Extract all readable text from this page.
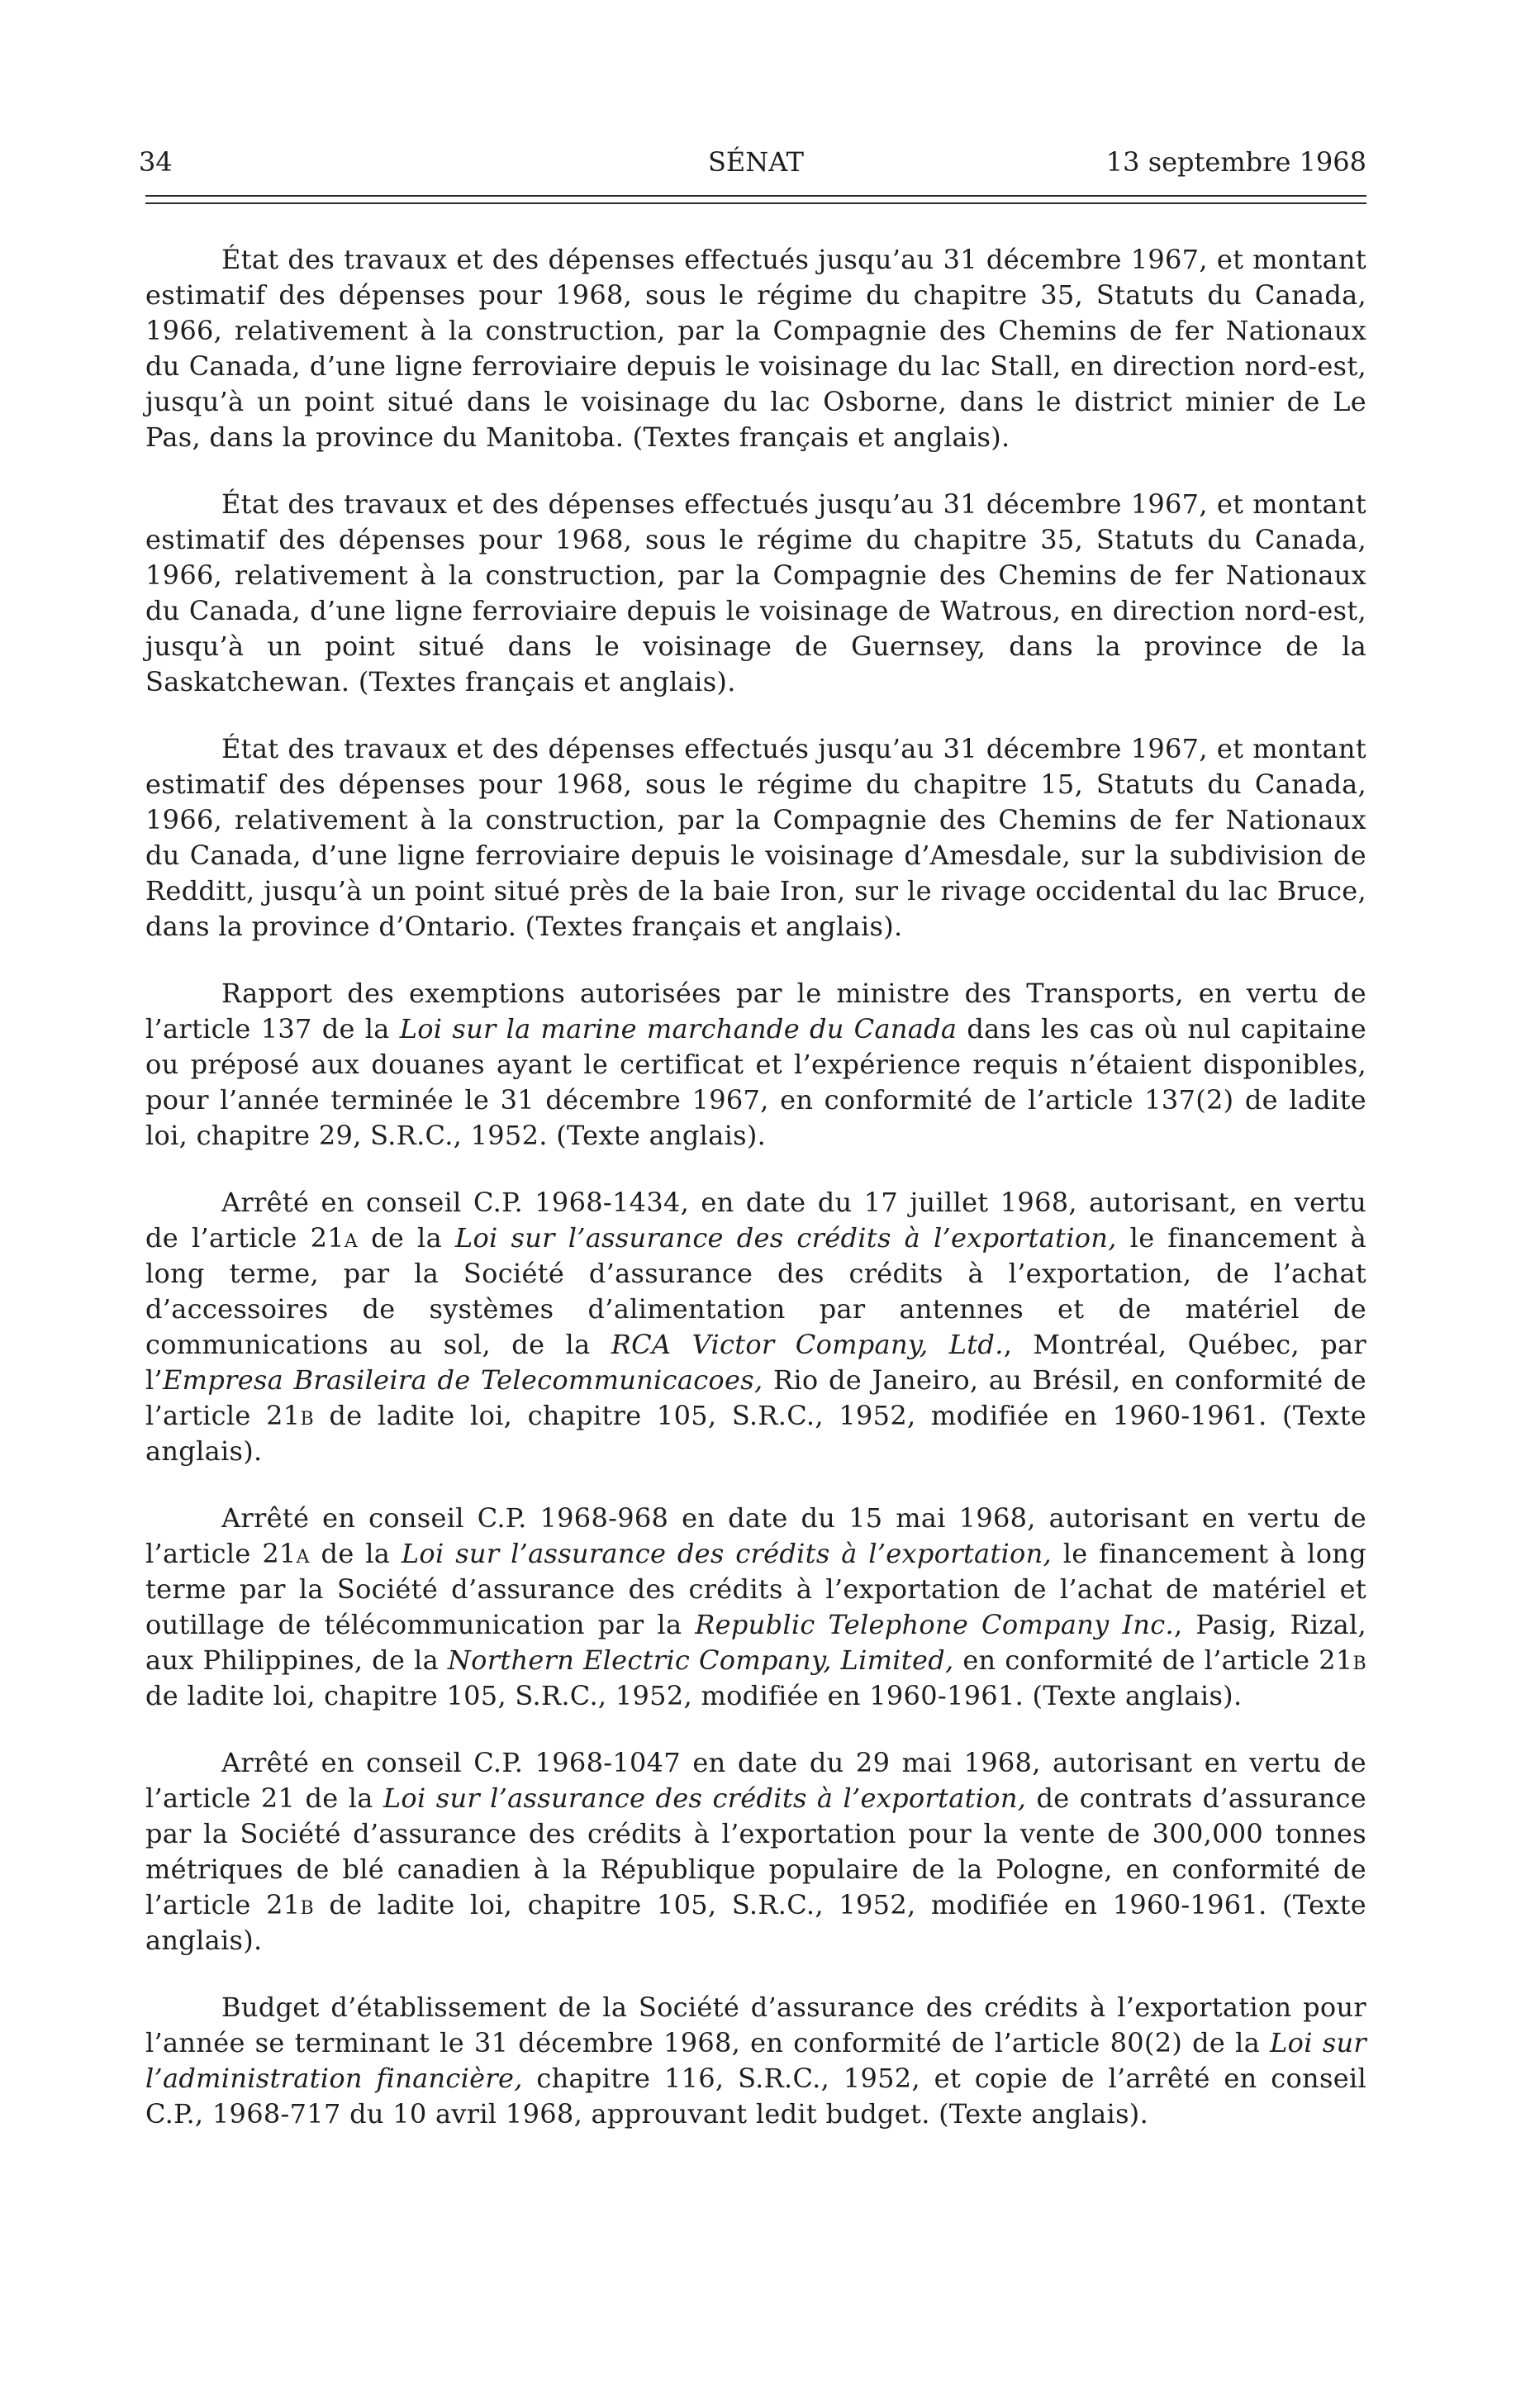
34	SÉNAT	13 septembre 1968

État des travaux et des dépenses effectués jusqu’au 31 décembre 1967, et montant estimatif des dépenses pour 1968, sous le régime du chapitre 35, Statuts du Canada, 1966, relativement à la construction, par la Compagnie des Chemins de fer Nationaux du Canada, d’une ligne ferroviaire depuis le voisinage du lac Stall, en direction nord-est, jusqu’à un point situé dans le voisinage du lac Osborne, dans le district minier de Le Pas, dans la province du Manitoba. (Textes français et anglais).

État des travaux et des dépenses effectués jusqu’au 31 décembre 1967, et montant estimatif des dépenses pour 1968, sous le régime du chapitre 35, Statuts du Canada, 1966, relativement à la construction, par la Compagnie des Chemins de fer Nationaux du Canada, d’une ligne ferroviaire depuis le voisinage de Watrous, en direction nord-est, jusqu’à un point situé dans le voisinage de Guernsey, dans la province de la Saskatchewan. (Textes français et anglais).

État des travaux et des dépenses effectués jusqu’au 31 décembre 1967, et montant estimatif des dépenses pour 1968, sous le régime du chapitre 15, Statuts du Canada, 1966, relativement à la construction, par la Compagnie des Chemins de fer Nationaux du Canada, d’une ligne ferroviaire depuis le voisinage d’Amesdale, sur la subdivision de Redditt, jusqu’à un point situé près de la baie Iron, sur le rivage occidental du lac Bruce, dans la province d’Ontario. (Textes français et anglais).

Rapport des exemptions autorisées par le ministre des Transports, en vertu de l’article 137 de la Loi sur la marine marchande du Canada dans les cas où nul capitaine ou préposé aux douanes ayant le certificat et l’expérience requis n’étaient disponibles, pour l’année terminée le 31 décembre 1967, en conformité de l’article 137(2) de ladite loi, chapitre 29, S.R.C., 1952. (Texte anglais).

Arrêté en conseil C.P. 1968-1434, en date du 17 juillet 1968, autorisant, en vertu de l’article 21a de la Loi sur l’assurance des crédits à l’exportation, le financement à long terme, par la Société d’assurance des crédits à l’exportation, de l’achat d’accessoires de systèmes d’alimentation par antennes et de matériel de communications au sol, de la RCA Victor Company, Ltd., Montréal, Québec, par l’Empresa Brasileira de Telecommunicacoes, Rio de Janeiro, au Brésil, en conformité de l’article 21b de ladite loi, chapitre 105, S.R.C., 1952, modifiée en 1960-1961. (Texte anglais).

Arrêté en conseil C.P. 1968-968 en date du 15 mai 1968, autorisant en vertu de l’article 21a de la Loi sur l’assurance des crédits à l’exportation, le financement à long terme par la Société d’assurance des crédits à l’exportation de l’achat de matériel et outillage de télécommunication par la Republic Telephone Company Inc., Pasig, Rizal, aux Philippines, de la Northern Electric Company, Limited, en conformité de l’article 21b de ladite loi, chapitre 105, S.R.C., 1952, modifiée en 1960-1961. (Texte anglais).

Arrêté en conseil C.P. 1968-1047 en date du 29 mai 1968, autorisant en vertu de l’article 21 de la Loi sur l’assurance des crédits à l’exportation, de contrats d’assurance par la Société d’assurance des crédits à l’exportation pour la vente de 300,000 tonnes métriques de blé canadien à la République populaire de la Pologne, en conformité de l’article 21b de ladite loi, chapitre 105, S.R.C., 1952, modifiée en 1960-1961. (Texte anglais).

Budget d’établissement de la Société d’assurance des crédits à l’exportation pour l’année se terminant le 31 décembre 1968, en conformité de l’article 80(2) de la Loi sur l’administration financière, chapitre 116, S.R.C., 1952, et copie de l’arrêté en conseil C.P., 1968-717 du 10 avril 1968, approuvant ledit budget. (Texte anglais).
